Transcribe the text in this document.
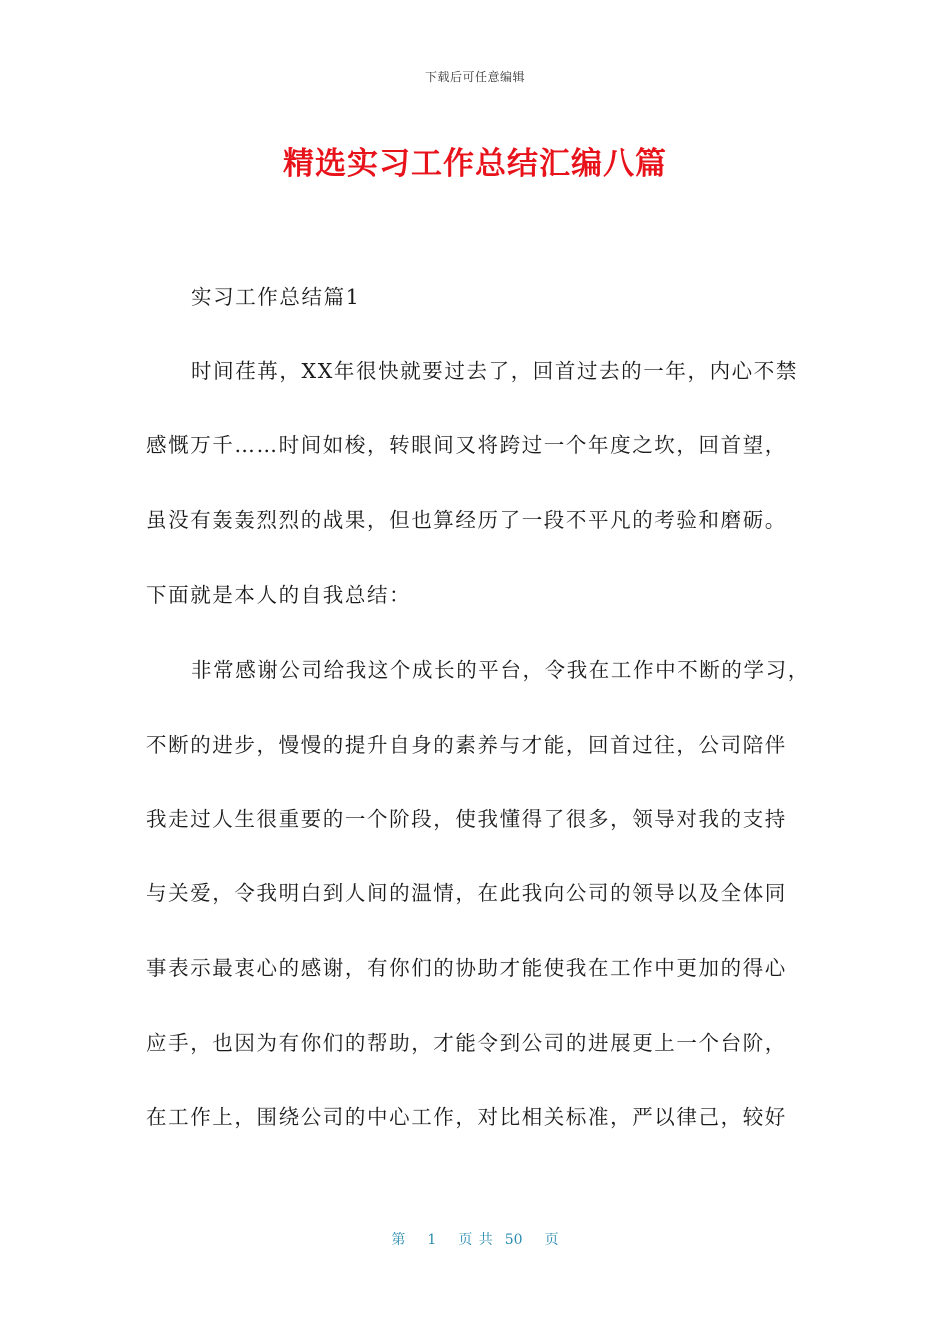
下载后可任意编辑
精选实习工作总结汇编八篇

实习工作总结篇1

时间荏苒，XX年很快就要过去了，回首过去的一年，内心不禁

感慨万千……时间如梭，转眼间又将跨过一个年度之坎，回首望，

虽没有轰轰烈烈的战果，但也算经历了一段不平凡的考验和磨砺。

下面就是本人的自我总结：

非常感谢公司给我这个成长的平台，令我在工作中不断的学习，

不断的进步，慢慢的提升自身的素养与才能，回首过往，公司陪伴

我走过人生很重要的一个阶段，使我懂得了很多，领导对我的支持

与关爱，令我明白到人间的温情，在此我向公司的领导以及全体同

事表示最衷心的感谢，有你们的协助才能使我在工作中更加的得心

应手，也因为有你们的帮助，才能令到公司的进展更上一个台阶，

在工作上，围绕公司的中心工作，对比相关标准，严以律己，较好

第 1 页 共 50 页
